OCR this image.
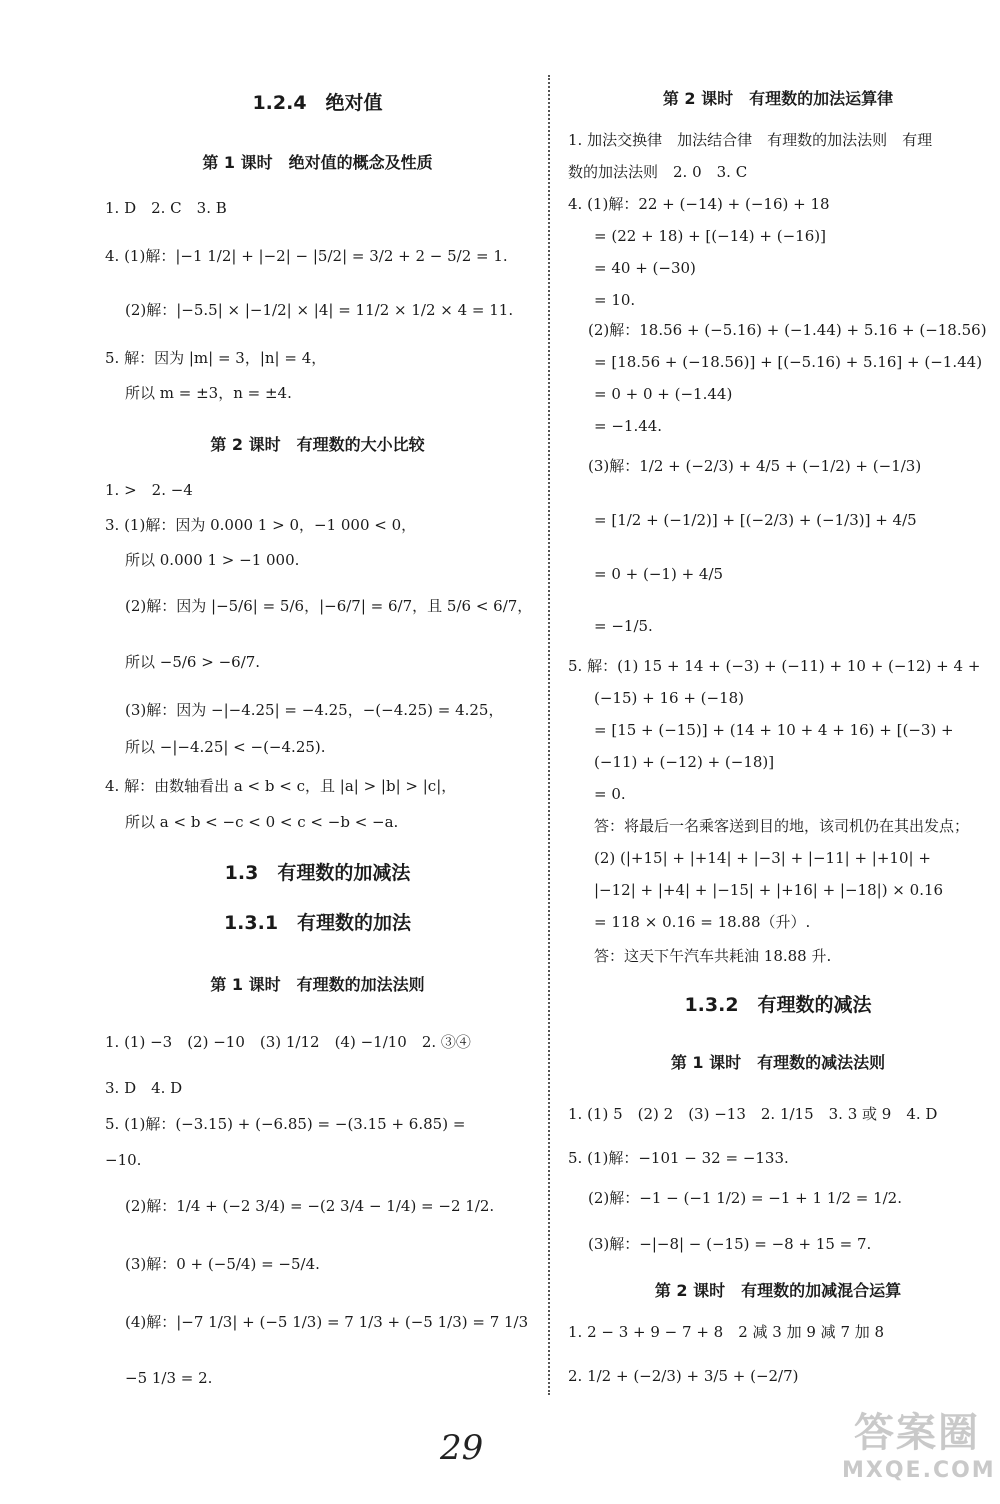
1.2.4　绝对值
第 1 课时　绝对值的概念及性质
1. D　2. C　3. B
4. (1)解：|−1 1/2| + |−2| − |5/2| = 3/2 + 2 − 5/2 = 1.
(2)解：|−5.5| × |−1/2| × |4| = 11/2 × 1/2 × 4 = 11.
5. 解：因为 |m| = 3，|n| = 4，
所以 m = ±3，n = ±4.
第 2 课时　有理数的大小比较
1. >　2. −4
3. (1)解：因为 0.000 1 > 0，−1 000 < 0，
所以 0.000 1 > −1 000.
(2)解：因为 |−5/6| = 5/6，|−6/7| = 6/7，且 5/6 < 6/7，
所以 −5/6 > −6/7.
(3)解：因为 −|−4.25| = −4.25，−(−4.25) = 4.25，
所以 −|−4.25| < −(−4.25).
4. 解：由数轴看出 a < b < c，且 |a| > |b| > |c|，
所以 a < b < −c < 0 < c < −b < −a.
1.3　有理数的加减法
1.3.1　有理数的加法
第 1 课时　有理数的加法法则
1. (1) −3　(2) −10　(3) 1/12　(4) −1/10　2. ③④
3. D　4. D
5. (1)解：(−3.15) + (−6.85) = −(3.15 + 6.85) =
−10.
(2)解：1/4 + (−2 3/4) = −(2 3/4 − 1/4) = −2 1/2.
(3)解：0 + (−5/4) = −5/4.
(4)解：|−7 1/3| + (−5 1/3) = 7 1/3 + (−5 1/3) = 7 1/3
−5 1/3 = 2.
第 2 课时　有理数的加法运算律
1. 加法交换律　加法结合律　有理数的加法法则　有理
数的加法法则　2. 0　3. C
4. (1)解：22 + (−14) + (−16) + 18
= (22 + 18) + [(−14) + (−16)]
= 40 + (−30)
= 10.
(2)解：18.56 + (−5.16) + (−1.44) + 5.16 + (−18.56)
= [18.56 + (−18.56)] + [(−5.16) + 5.16] + (−1.44)
= 0 + 0 + (−1.44)
= −1.44.
(3)解：1/2 + (−2/3) + 4/5 + (−1/2) + (−1/3)
= [1/2 + (−1/2)] + [(−2/3) + (−1/3)] + 4/5
= 0 + (−1) + 4/5
= −1/5.
5. 解：(1) 15 + 14 + (−3) + (−11) + 10 + (−12) + 4 +
(−15) + 16 + (−18)
= [15 + (−15)] + (14 + 10 + 4 + 16) + [(−3) +
(−11) + (−12) + (−18)]
= 0.
答：将最后一名乘客送到目的地，该司机仍在其出发点；
(2) (|+15| + |+14| + |−3| + |−11| + |+10| +
|−12| + |+4| + |−15| + |+16| + |−18|) × 0.16
= 118 × 0.16 = 18.88（升）.
答：这天下午汽车共耗油 18.88 升.
1.3.2　有理数的减法
第 1 课时　有理数的减法法则
1. (1) 5　(2) 2　(3) −13　2. 1/15　3. 3 或 9　4. D
5. (1)解：−101 − 32 = −133.
(2)解：−1 − (−1 1/2) = −1 + 1 1/2 = 1/2.
(3)解：−|−8| − (−15) = −8 + 15 = 7.
第 2 课时　有理数的加减混合运算
1. 2 − 3 + 9 − 7 + 8　2 减 3 加 9 减 7 加 8
2. 1/2 + (−2/3) + 3/5 + (−2/7)
29	答案圈
MXQE.COM
